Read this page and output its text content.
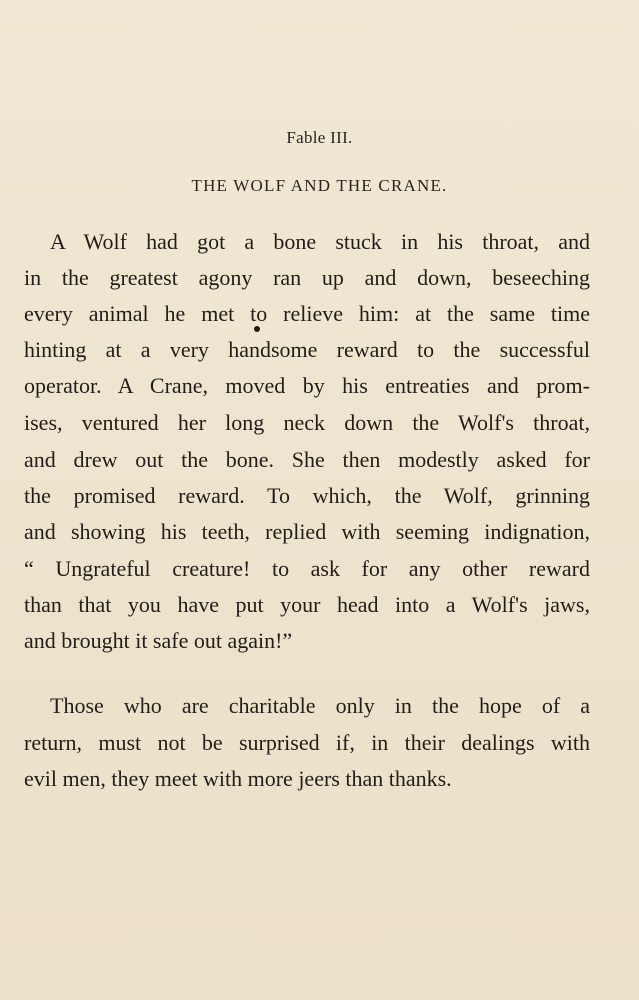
Fable III.
THE WOLF AND THE CRANE.
A Wolf had got a bone stuck in his throat, and
in the greatest agony ran up and down, beseeching
every animal he met to relieve him: at the same time
hinting at a very handsome reward to the successful
operator. A Crane, moved by his entreaties and prom-
ises, ventured her long neck down the Wolf's throat,
and drew out the bone. She then modestly asked for
the promised reward. To which, the Wolf, grinning
and showing his teeth, replied with seeming indignation,
“ Ungrateful creature! to ask for any other reward
than that you have put your head into a Wolf's jaws,
and brought it safe out again!”
Those who are charitable only in the hope of a
return, must not be surprised if, in their dealings with
evil men, they meet with more jeers than thanks.
